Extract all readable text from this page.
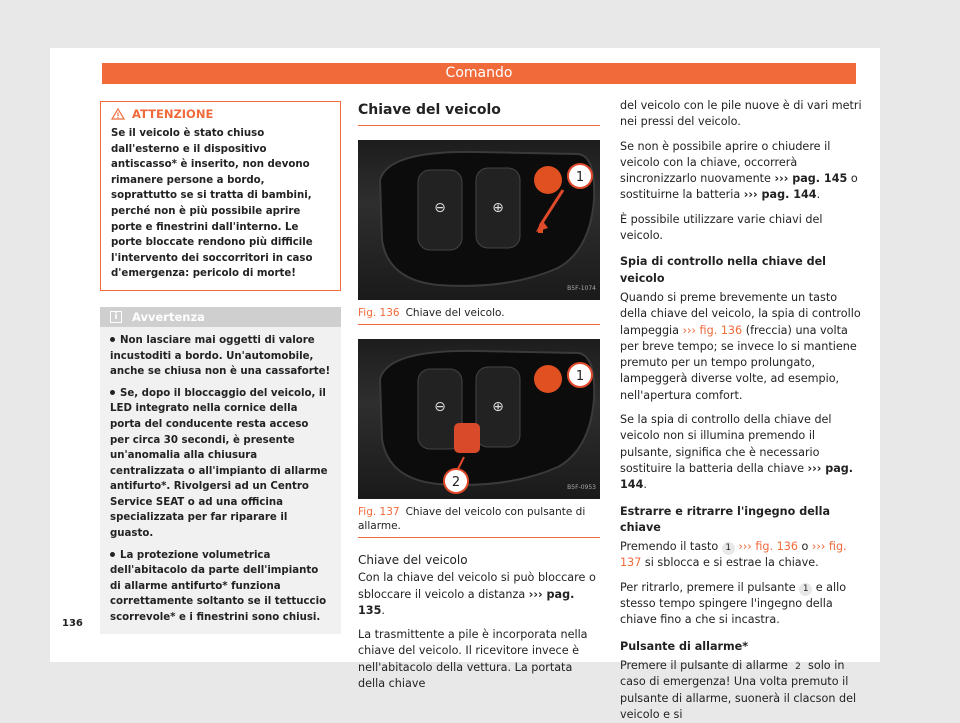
Comando
ATTENZIONE
Se il veicolo è stato chiuso dall'esterno e il dispositivo antiscasso* è inserito, non devono rimanere persone a bordo, soprattutto se si tratta di bambini, perché non è più possibile aprire porte e finestrini dall'interno. Le porte bloccate rendono più difficile l'intervento dei soccorritori in caso d'emergenza: pericolo di morte!
i	Avvertenza
Non lasciare mai oggetti di valore incustoditi a bordo. Un'automobile, anche se chiusa non è una cassaforte!
Se, dopo il bloccaggio del veicolo, il LED integrato nella cornice della porta del conducente resta acceso per circa 30 secondi, è presente un'anomalia alla chiusura centralizzata o all'impianto di allarme antifurto*. Rivolgersi ad un Centro Service SEAT o ad una officina specializzata per far riparare il guasto.
La protezione volumetrica dell'abitacolo da parte dell'impianto di allarme antifurto* funziona correttamente soltanto se il tettuccio scorrevole* e i finestrini sono chiusi.
Chiave del veicolo
⊖	⊕
1
B5F-1074
Fig. 136 Chiave del veicolo.
⊖	⊕
1
2	B5F-0953
Fig. 137 Chiave del veicolo con pulsante di allarme.
Chiave del veicolo

Con la chiave del veicolo si può bloccare o sbloccare il veicolo a distanza ››› pag. 135.

La trasmittente a pile è incorporata nella chiave del veicolo. Il ricevitore invece è nell'abitacolo della vettura. La portata della chiave

del veicolo con le pile nuove è di vari metri nei pressi del veicolo.

Se non è possibile aprire o chiudere il veicolo con la chiave, occorrerà sincronizzarlo nuovamente ››› pag. 145 o sostituirne la batteria ››› pag. 144.

È possibile utilizzare varie chiavi del veicolo.

Spia di controllo nella chiave del veicolo

Quando si preme brevemente un tasto della chiave del veicolo, la spia di controllo lampeggia ››› fig. 136 (freccia) una volta per breve tempo; se invece lo si mantiene premuto per un tempo prolungato, lampeggerà diverse volte, ad esempio, nell'apertura comfort.

Se la spia di controllo della chiave del veicolo non si illumina premendo il pulsante, significa che è necessario sostituire la batteria della chiave ››› pag. 144.

Estrarre e ritrarre l'ingegno della chiave

Premendo il tasto 1 ››› fig. 136 o ››› fig. 137 si sblocca e si estrae la chiave.

Per ritrarlo, premere il pulsante 1 e allo stesso tempo spingere l'ingegno della chiave fino a che si incastra.

Pulsante di allarme*

Premere il pulsante di allarme 2 solo in caso di emergenza! Una volta premuto il pulsante di allarme, suonerà il clacson del veicolo e si

136
